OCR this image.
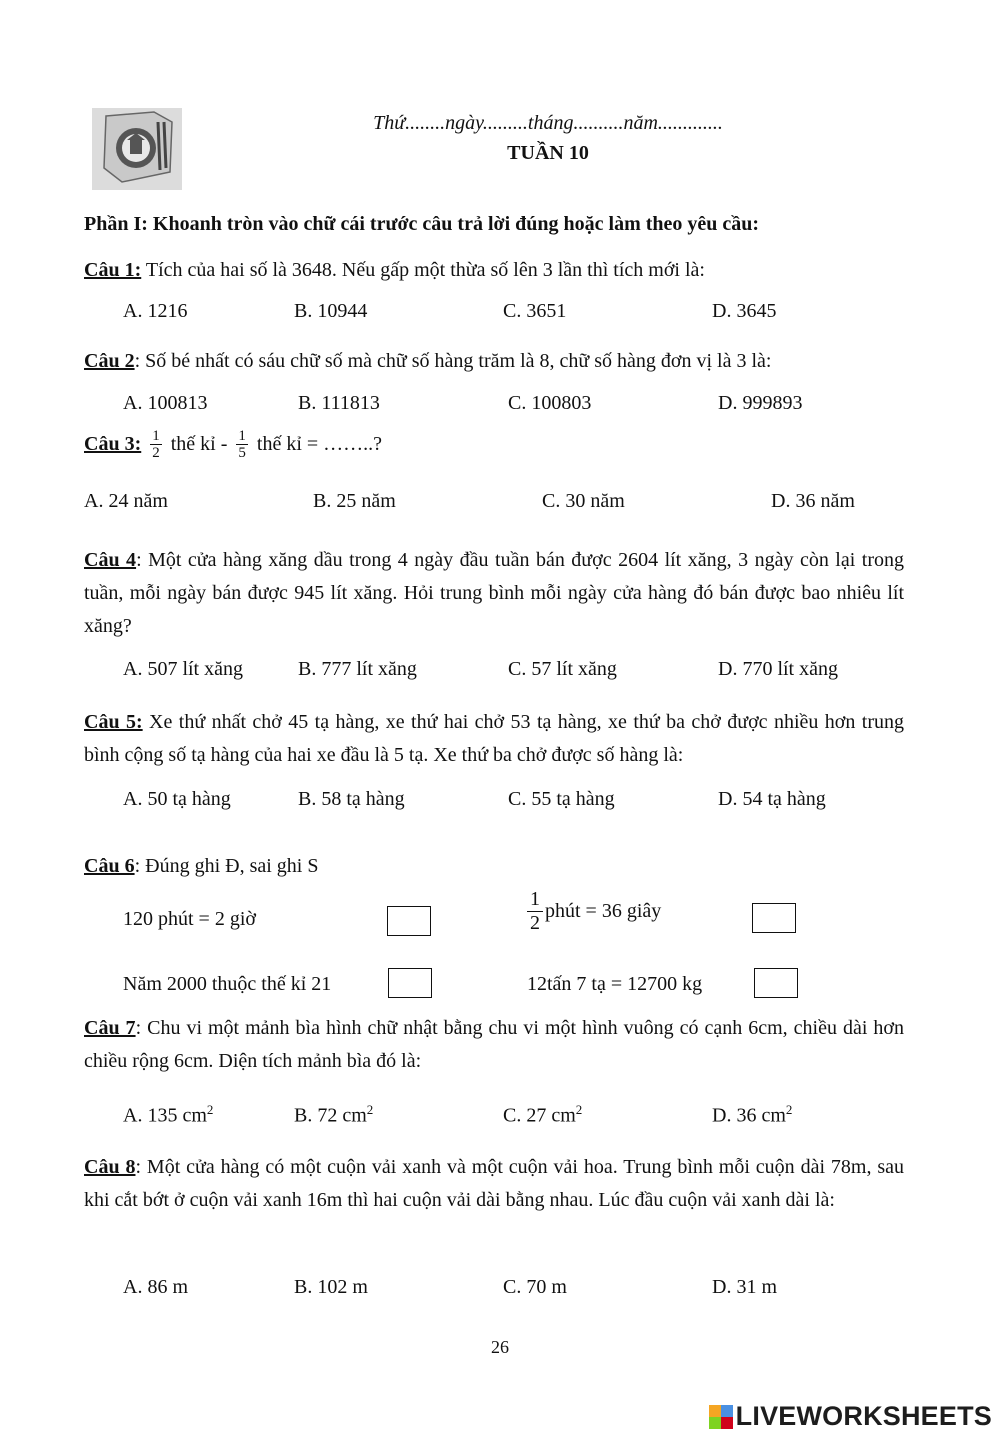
Thứ........ngày.........tháng..........năm.............
TUẦN 10
Phần I: Khoanh tròn vào chữ cái trước câu trả lời đúng hoặc làm theo yêu cầu:
Câu 1: Tích của hai số là 3648. Nếu gấp một thừa số lên 3 lần thì tích mới là:
A. 1216	B. 10944	C. 3651	D. 3645
Câu 2: Số bé nhất có sáu chữ số mà chữ số hàng trăm là 8, chữ số hàng đơn vị là 3 là:
A. 100813	B. 111813	C. 100803	D. 999893
Câu 3: $\frac{1}{2}$ thế kỉ - $\frac{1}{5}$ thế kỉ = ……..?
A. 24 năm	B. 25 năm	C. 30 năm	D. 36 năm
Câu 4: Một cửa hàng xăng dầu trong 4 ngày đầu tuần bán được 2604 lít xăng, 3 ngày còn lại trong tuần, mỗi ngày bán được 945 lít xăng. Hỏi trung bình mỗi ngày cửa hàng đó bán được bao nhiêu lít xăng?
A. 507 lít xăng	B. 777 lít xăng	C. 57 lít xăng	D. 770 lít xăng
Câu 5: Xe thứ nhất chở 45 tạ hàng, xe thứ hai chở 53 tạ hàng, xe thứ ba chở được nhiều hơn trung bình cộng số tạ hàng của hai xe đầu là 5 tạ. Xe thứ ba chở được số hàng là:
A. 50 tạ hàng	B. 58 tạ hàng	C. 55 tạ hàng	D. 54 tạ hàng
Câu 6: Đúng ghi Đ, sai ghi S
120 phút = 2 giờ	$\frac{1}{2}$ phút = 36 giây
Năm 2000 thuộc thế kỉ 21	12tấn 7 tạ = 12700 kg
Câu 7: Chu vi một mảnh bìa hình chữ nhật bằng chu vi một hình vuông có cạnh 6cm, chiều dài hơn chiều rộng 6cm. Diện tích mảnh bìa đó là:
A. 135 $cm^2$	B. 72 $cm^2$	C. 27 $cm^2$	D. 36 $cm^2$
Câu 8: Một cửa hàng có một cuộn vải xanh và một cuộn vải hoa. Trung bình mỗi cuộn dài 78m, sau khi cắt bớt ở cuộn vải xanh 16m thì hai cuộn vải dài bằng nhau. Lúc đầu cuộn vải xanh dài là:
A. 86 m	B. 102 m	C. 70 m	D. 31 m
26
LIVEWORKSHEETS
